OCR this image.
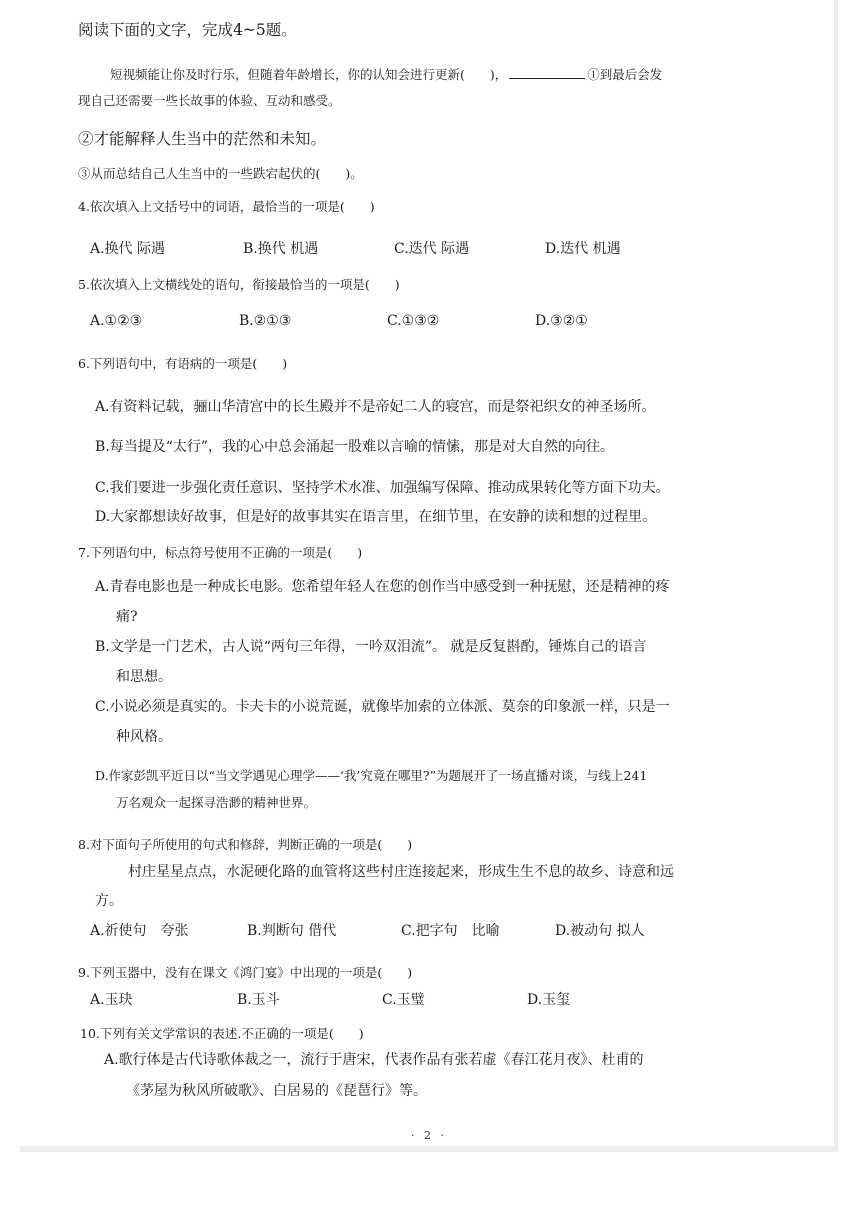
阅读下面的文字，完成4~5题。
短视频能让你及时行乐，但随着年龄增长，你的认知会进行更新(　　)，	①到最后会发
现自己还需要一些长故事的体验、互动和感受。
②才能解释人生当中的茫然和未知。
③从而总结自己人生当中的一些跌宕起伏的(　　)。
4.依次填入上文括号中的词语，最恰当的一项是(　　)
A.换代 际遇	B.换代 机遇	C.迭代 际遇	D.迭代 机遇
5.依次填入上文横线处的语句，衔接最恰当的一项是(　　)
A.①②③	B.②①③	C.①③②	D.③②①
6.下列语句中，有语病的一项是(　　)
A.有资料记载，骊山华清宫中的长生殿并不是帝妃二人的寝宫，而是祭祀织女的神圣场所。
B.每当提及“太行”，我的心中总会涌起一股难以言喻的情愫，那是对大自然的向往。
C.我们要进一步强化责任意识、坚持学术水准、加强编写保障、推动成果转化等方面下功夫。
D.大家都想读好故事，但是好的故事其实在语言里，在细节里，在安静的读和想的过程里。
7.下列语句中，标点符号使用不正确的一项是(　　)
A.青春电影也是一种成长电影。您希望年轻人在您的创作当中感受到一种抚慰，还是精神的疼
痛?
B.文学是一门艺术，古人说“两句三年得，一吟双泪流”。 就是反复斟酌，锤炼自己的语言
和思想。
C.小说必须是真实的。卡夫卡的小说荒诞，就像毕加索的立体派、莫奈的印象派一样，只是一
种风格。
D.作家彭凯平近日以“当文学遇见心理学——‘我’究竟在哪里?”为题展开了一场直播对谈，与线上241
万名观众一起探寻浩渺的精神世界。
8.对下面句子所使用的句式和修辞，判断正确的一项是(　　)
村庄星星点点，水泥硬化路的血管将这些村庄连接起来，形成生生不息的故乡、诗意和远
方。
A.祈使句　夸张	B.判断句 借代	C.把字句　比喻	D.被动句 拟人
9.下列玉器中，没有在课文《鸿门宴》中出现的一项是(　　)
A.玉玦	B.玉斗	C.玉璧	D.玉玺
10.下列有关文学常识的表述.不正确的一项是(　　)
A.歌行体是古代诗歌体裁之一，流行于唐宋，代表作品有张若虚《春江花月夜》、杜甫的
《茅屋为秋风所破歌》、白居易的《琵琶行》等。
· 2 ·
